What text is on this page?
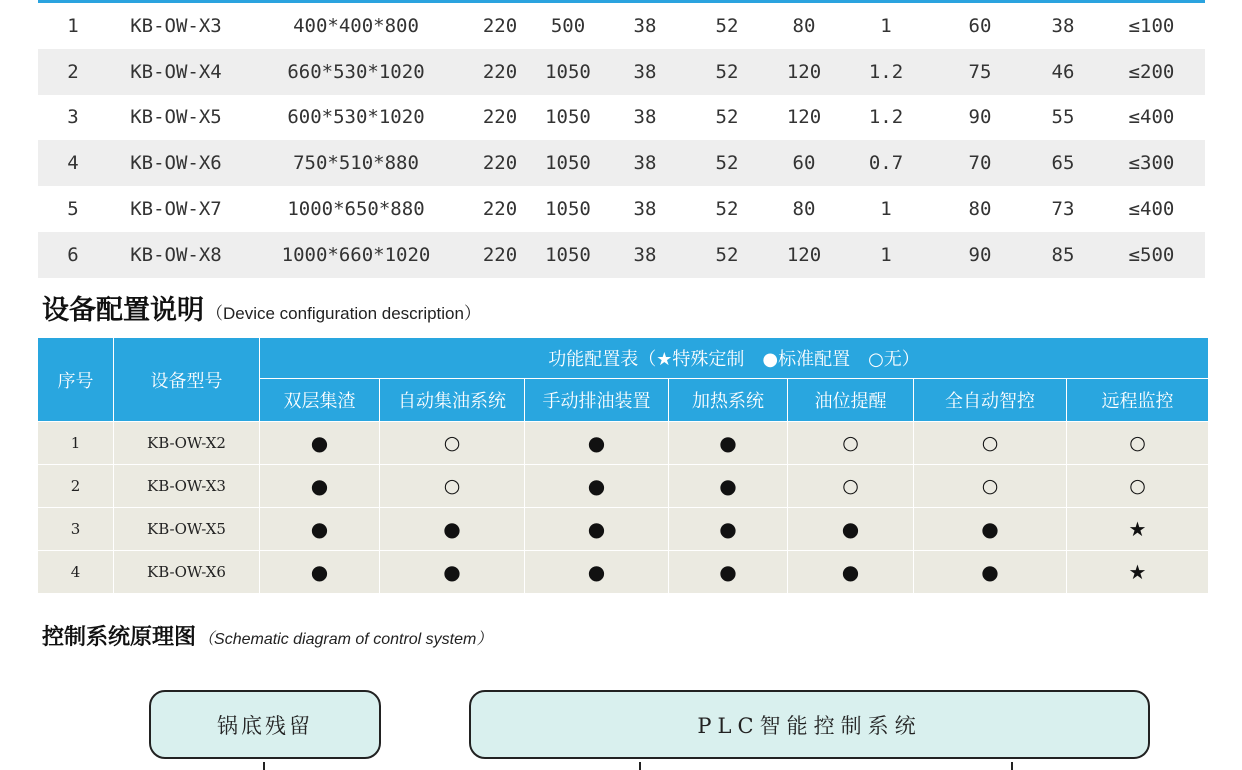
1	KB-OW-X3	400*400*800	220	500	38	52	80	1	60	38	≤100
2	KB-OW-X4	660*530*1020	220	1050	38	52	120	1.2	75	46	≤200
3	KB-OW-X5	600*530*1020	220	1050	38	52	120	1.2	90	55	≤400
4	KB-OW-X6	750*510*880	220	1050	38	52	60	0.7	70	65	≤300
5	KB-OW-X7	1000*650*880	220	1050	38	52	80	1	80	73	≤400
6	KB-OW-X8	1000*660*1020	220	1050	38	52	120	1	90	85	≤500
设备配置说明 （Device configuration description）
序号	设备型号	功能配置表（★特殊定制　●标准配置　○无）						
		双层集渣	自动集油系统	手动排油装置	加热系统	油位提醒	全自动智控	远程监控
1	KB-OW-X2	●	○	●	●	○	○	○
2	KB-OW-X3	●	○	●	●	○	○	○
3	KB-OW-X5	●	●	●	●	●	●	★
4	KB-OW-X6	●	●	●	●	●	●	★
控制系统原理图 （Schematic diagram of control system）
锅底残留	PLC智能控制系统
